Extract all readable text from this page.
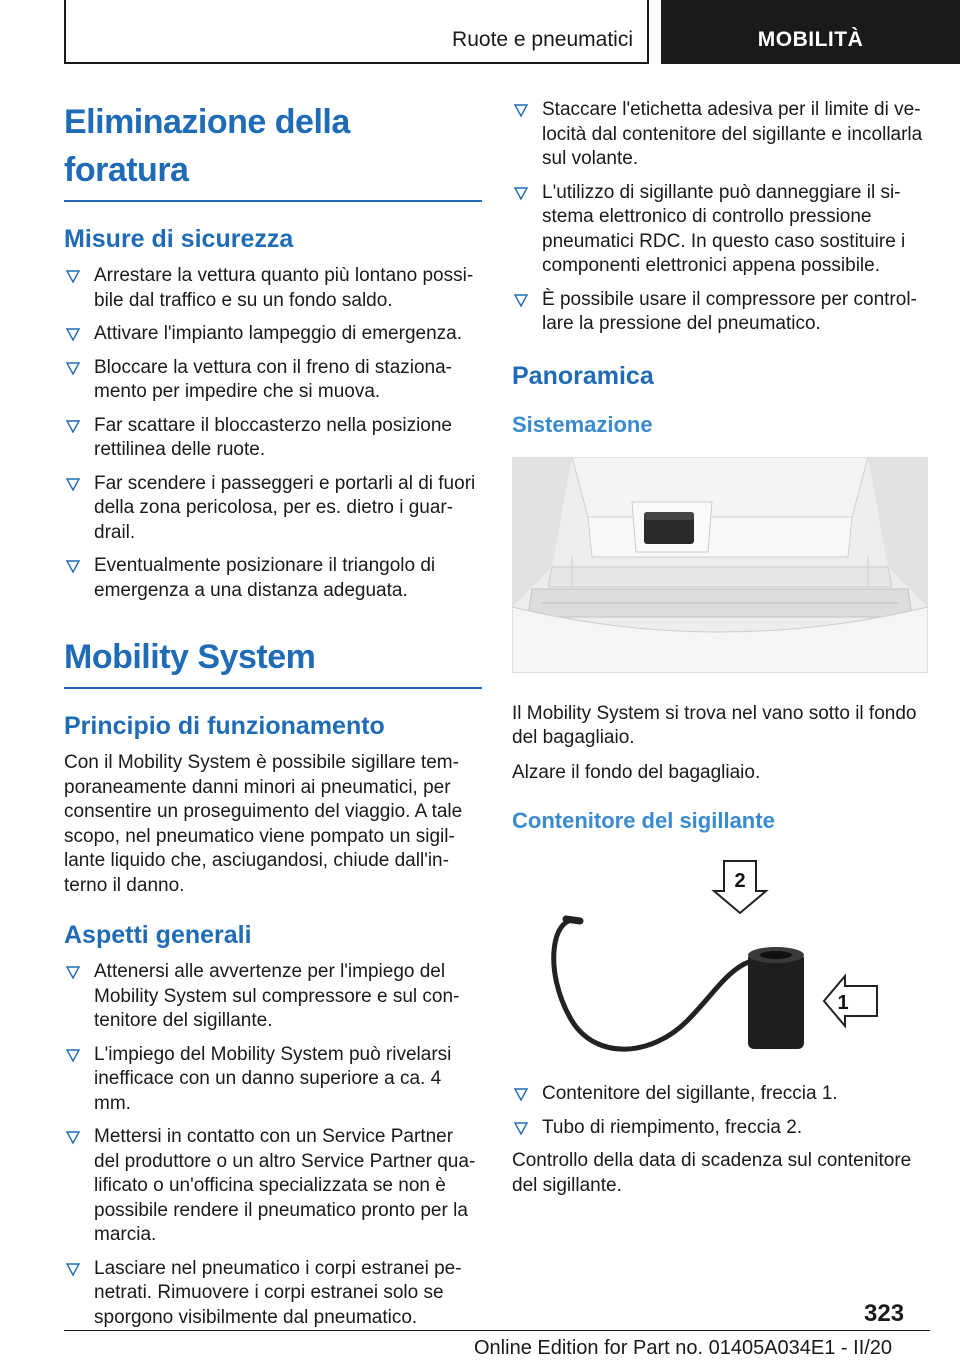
Ruote e pneumatici	MOBILITÀ
Eliminazione della foratura
Misure di sicurezza
Arrestare la vettura quanto più lontano possi‐ bile dal traffico e su un fondo saldo.
Attivare l'impianto lampeggio di emergenza.
Bloccare la vettura con il freno di staziona‐ mento per impedire che si muova.
Far scattare il bloccasterzo nella posizione rettilinea delle ruote.
Far scendere i passeggeri e portarli al di fuori della zona pericolosa, per es. dietro i guar‐ drail.
Eventualmente posizionare il triangolo di emergenza a una distanza adeguata.
Mobility System
Principio di funzionamento

Con il Mobility System è possibile sigillare tem‐ poraneamente danni minori ai pneumatici, per consentire un proseguimento del viaggio. A tale scopo, nel pneumatico viene pompato un sigil‐ lante liquido che, asciugandosi, chiude dall'in‐ terno il danno.

Aspetti generali
Attenersi alle avvertenze per l'impiego del Mobility System sul compressore e sul con‐ tenitore del sigillante.
L'impiego del Mobility System può rivelarsi inefficace con un danno superiore a ca. 4 mm.
Mettersi in contatto con un Service Partner del produttore o un altro Service Partner qua‐ lificato o un'officina specializzata se non è possibile rendere il pneumatico pronto per la marcia.
Lasciare nel pneumatico i corpi estranei pe‐ netrati. Rimuovere i corpi estranei solo se sporgono visibilmente dal pneumatico.
Staccare l'etichetta adesiva per il limite di ve‐ locità dal contenitore del sigillante e incollarla sul volante.
L'utilizzo di sigillante può danneggiare il si‐ stema elettronico di controllo pressione pneumatici RDC. In questo caso sostituire i componenti elettronici appena possibile.
È possibile usare il compressore per control‐ lare la pressione del pneumatico.
Panoramica
Sistemazione

Il Mobility System si trova nel vano sotto il fondo del bagagliaio.

Alzare il fondo del bagagliaio.

Contenitore del sigillante
2
1
Contenitore del sigillante, freccia 1.
Tubo di riempimento, freccia 2.

Controllo della data di scadenza sul contenitore del sigillante.

323
Online Edition for Part no. 01405A034E1 - II/20
